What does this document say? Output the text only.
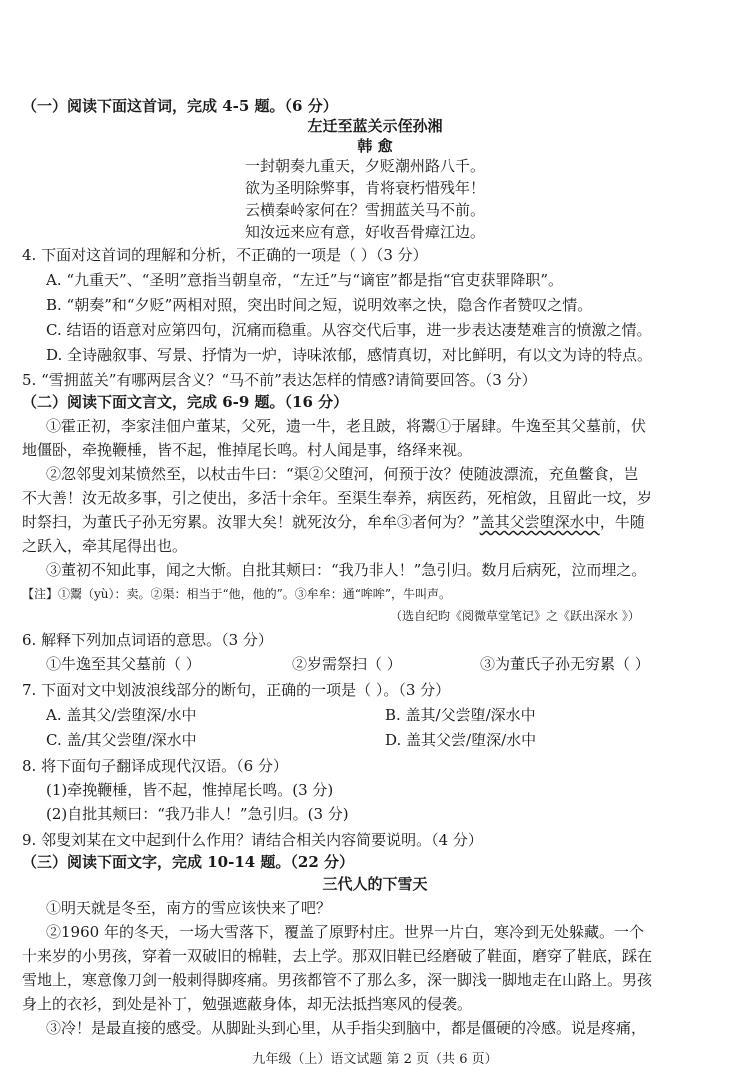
（一）阅读下面这首词，完成 4-5 题。（6 分）
左迁至蓝关示侄孙湘
韩 愈
一封朝奏九重天，夕贬潮州路八千。
欲为圣明除弊事，肯将衰朽惜残年！
云横秦岭家何在？雪拥蓝关马不前。
知汝远来应有意，好收吾骨瘴江边。
4. 下面对这首词的理解和分析，不正确的一项是（ ）（3 分）
A. “九重天”、“圣明”意指当朝皇帝，“左迁”与“谪宦”都是指“官吏获罪降职”。
B. “朝奏”和“夕贬”两相对照，突出时间之短，说明效率之快，隐含作者赞叹之情。
C. 结语的语意对应第四句，沉痛而稳重。从容交代后事，进一步表达凄楚难言的愤激之情。
D. 全诗融叙事、写景、抒情为一炉，诗味浓郁，感情真切，对比鲜明，有以文为诗的特点。
5. “雪拥蓝关”有哪两层含义？“马不前”表达怎样的情感?请简要回答。（3 分）
（二）阅读下面文言文，完成 6-9 题。（16 分）
①霍正初，李家洼佃户董某，父死，遗一牛，老且跛，将鬻①于屠肆。牛逸至其父墓前，伏
地僵卧，牵挽鞭棰，皆不起，惟掉尾长鸣。村人闻是事，络绎来视。
②忽邻叟刘某愤然至，以杖击牛曰：“渠②父堕河，何预于汝？使随波漂流，充鱼鳖食，岂
不大善！汝无故多事，引之使出，多活十余年。至渠生奉养，病医药，死棺敛，且留此一坟，岁
时祭扫，为董氏子孙无穷累。汝罪大矣！就死汝分，牟牟③者何为？”盖其父尝堕深水中，牛随
之跃入，牵其尾得出也。
③董初不知此事，闻之大惭。自批其颊曰：“我乃非人！”急引归。数月后病死，泣而埋之。
【注】①鬻（yù）：卖。②渠：相当于“他，他的”。③牟牟：通“哞哞”，牛叫声。
（选自纪昀《阅微草堂笔记》之《跃出深水 》）
6. 解释下列加点词语的意思。（3 分）
①牛逸至其父墓前（ ）	②岁需祭扫（ ）	③为董氏子孙无穷累（ ）
7. 下面对文中划波浪线部分的断句，正确的一项是（ ）。（3 分）
A. 盖其父/尝堕深/水中	B. 盖其/父尝堕/深水中
C. 盖/其父尝堕/深水中	D. 盖其父尝/堕深/水中
8. 将下面句子翻译成现代汉语。（6 分）
(1)牵挽鞭棰，皆不起，惟掉尾长鸣。(3 分)
(2)自批其颊曰：“我乃非人！”急引归。(3 分)
9. 邻叟刘某在文中起到什么作用？请结合相关内容简要说明。（4 分）
（三）阅读下面文字，完成 10-14 题。（22 分）
三代人的下雪天
①明天就是冬至，南方的雪应该快来了吧？
②1960 年的冬天，一场大雪落下，覆盖了原野村庄。世界一片白，寒冷到无处躲藏。一个
十来岁的小男孩，穿着一双破旧的棉鞋，去上学。那双旧鞋已经磨破了鞋面，磨穿了鞋底，踩在
雪地上，寒意像刀剑一般刺得脚疼痛。男孩都管不了那么多，深一脚浅一脚地走在山路上。男孩
身上的衣衫，到处是补丁，勉强遮蔽身体，却无法抵挡寒风的侵袭。
③冷！是最直接的感受。从脚趾头到心里，从手指尖到脑中，都是僵硬的冷感。说是疼痛，
九年级（上）语文试题 第 2 页（共 6 页）
